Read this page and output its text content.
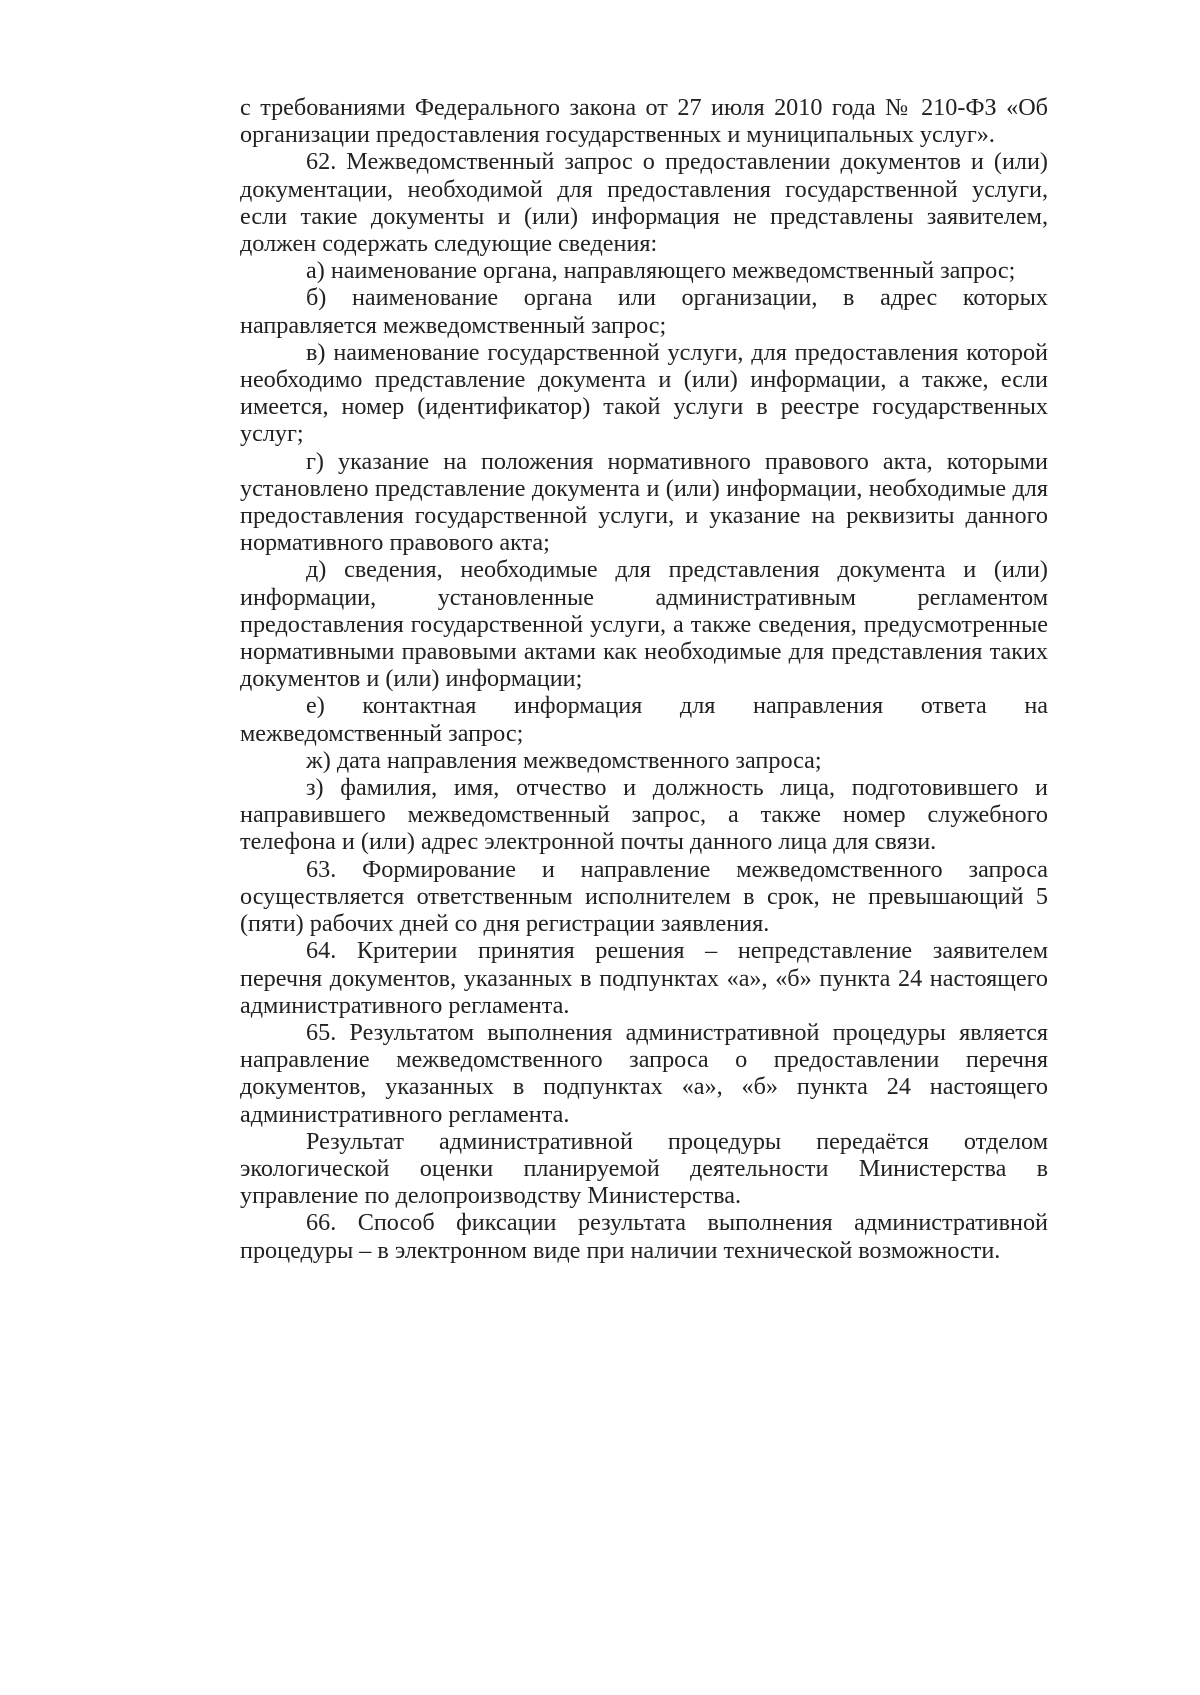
с требованиями Федерального закона от 27 июля 2010 года № 210-ФЗ «Об организации предоставления государственных и муниципальных услуг».

62. Межведомственный запрос о предоставлении документов и (или) документации, необходимой для предоставления государственной услуги, если такие документы и (или) информация не представлены заявителем, должен содержать следующие сведения:

а) наименование органа, направляющего межведомственный запрос;

б) наименование органа или организации, в адрес которых направляется межведомственный запрос;

в) наименование государственной услуги, для предоставления которой необходимо представление документа и (или) информации, а также, если имеется, номер (идентификатор) такой услуги в реестре государственных услуг;

г) указание на положения нормативного правового акта, которыми установлено представление документа и (или) информации, необходимые для предоставления государственной услуги, и указание на реквизиты данного нормативного правового акта;

д) сведения, необходимые для представления документа и (или) информации, установленные административным регламентом предоставления государственной услуги, а также сведения, предусмотренные нормативными правовыми актами как необходимые для представления таких документов и (или) информации;

е) контактная информация для направления ответа на межведомственный запрос;

ж) дата направления межведомственного запроса;

з) фамилия, имя, отчество и должность лица, подготовившего и направившего межведомственный запрос, а также номер служебного телефона и (или) адрес электронной почты данного лица для связи.

63. Формирование и направление межведомственного запроса осуществляется ответственным исполнителем в срок, не превышающий 5 (пяти) рабочих дней со дня регистрации заявления.

64. Критерии принятия решения – непредставление заявителем перечня документов, указанных в подпунктах «а», «б» пункта 24 настоящего административного регламента.

65. Результатом выполнения административной процедуры является направление межведомственного запроса о предоставлении перечня документов, указанных в подпунктах «а», «б» пункта 24 настоящего административного регламента.

Результат административной процедуры передаётся отделом экологической оценки планируемой деятельности Министерства в управление по делопроизводству Министерства.

66. Способ фиксации результата выполнения административной процедуры – в электронном виде при наличии технической возможности.
